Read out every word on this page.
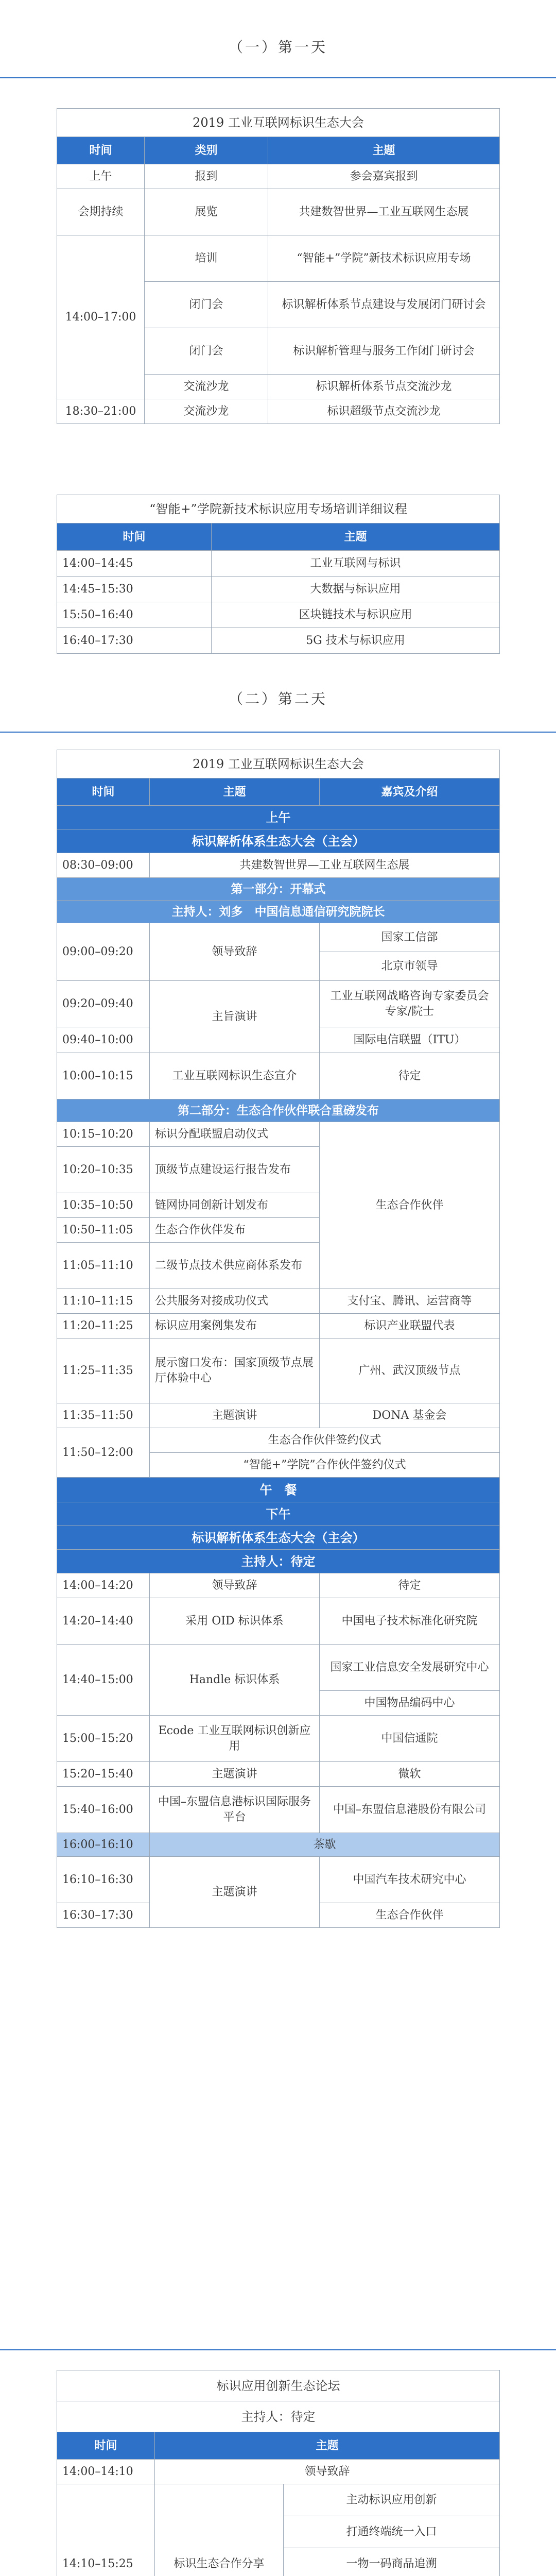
（一）第一天
2019 工业互联网标识生态大会		
时间	类别	主题
上午	报到	参会嘉宾报到
会期持续	展览	共建数智世界—工业互联网生态展
14:00–17:00	培训	“智能+”学院”新技术标识应用专场
	闭门会	标识解析体系节点建设与发展闭门研讨会
	闭门会	标识解析管理与服务工作闭门研讨会
	交流沙龙	标识解析体系节点交流沙龙
18:30–21:00	交流沙龙	标识超级节点交流沙龙
“智能+”学院新技术标识应用专场培训详细议程	
时间	主题
14:00–14:45	工业互联网与标识
14:45–15:30	大数据与标识应用
15:50–16:40	区块链技术与标识应用
16:40–17:30	5G 技术与标识应用
（二）第二天
2019 工业互联网标识生态大会		
时间	主题	嘉宾及介绍
上午		
标识解析体系生态大会（主会）		
08:30–09:00	共建数智世界—工业互联网生态展	
第一部分：开幕式		
主持人：刘多　中国信息通信研究院院长		
09:00–09:20	领导致辞	国家工信部
		北京市领导
09:20–09:40	主旨演讲	工业互联网战略咨询专家委员会专家/院士
09:40–10:00		国际电信联盟（ITU）
10:00–10:15	工业互联网标识生态宣介	待定
第二部分：生态合作伙伴联合重磅发布		
10:15–10:20	标识分配联盟启动仪式	生态合作伙伴
10:20–10:35	顶级节点建设运行报告发布	
10:35–10:50	链网协同创新计划发布	
10:50–11:05	生态合作伙伴发布	
11:05–11:10	二级节点技术供应商体系发布	
11:10–11:15	公共服务对接成功仪式	支付宝、腾讯、运营商等
11:20–11:25	标识应用案例集发布	标识产业联盟代表
11:25–11:35	展示窗口发布：国家顶级节点展厅体验中心	广州、武汉顶级节点
11:35–11:50	主题演讲	DONA 基金会
11:50–12:00	生态合作伙伴签约仪式	
	“智能+”学院”合作伙伴签约仪式	
午　餐		
下午		
标识解析体系生态大会（主会）		
主持人：待定		
14:00–14:20	领导致辞	待定
14:20–14:40	采用 OID 标识体系	中国电子技术标准化研究院
14:40–15:00	Handle 标识体系	国家工业信息安全发展研究中心
		中国物品编码中心
15:00–15:20	Ecode 工业互联网标识创新应用	中国信通院
15:20–15:40	主题演讲	微软
15:40–16:00	中国–东盟信息港标识国际服务平台	中国–东盟信息港股份有限公司
16:00–16:10	茶歇	
16:10–16:30	主题演讲	中国汽车技术研究中心
16:30–17:30		生态合作伙伴
标识应用创新生态论坛		
主持人：待定		
时间	主题	
14:00–14:10	领导致辞	
14:10–15:25	标识生态合作分享	主动标识应用创新
		打通终端统一入口
		一物一码商品追溯
